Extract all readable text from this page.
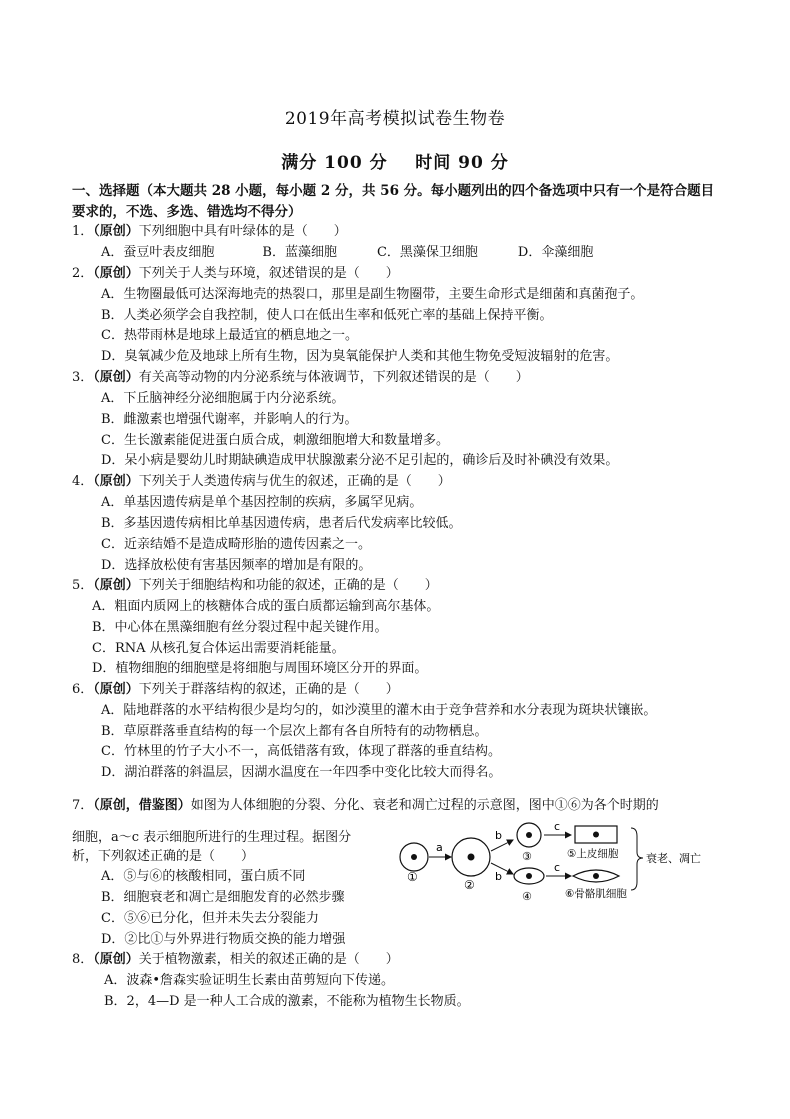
2019年高考模拟试卷生物卷
满分 100 分    时间 90 分
一、选择题（本大题共 28 小题，每小题 2 分，共 56 分。每小题列出的四个备选项中只有一个是符合题目要求的，不选、多选、错选均不得分）
1．（原创）下列细胞中具有叶绿体的是（　　）
A．蚕豆叶表皮细胞	B．蓝藻细胞	C．黑藻保卫细胞	D．伞藻细胞
2．（原创）下列关于人类与环境，叙述错误的是（　　）
A．生物圈最低可达深海地壳的热裂口，那里是副生物圈带，主要生命形式是细菌和真菌孢子。
B．人类必须学会自我控制，使人口在低出生率和低死亡率的基础上保持平衡。
C．热带雨林是地球上最适宜的栖息地之一。
D．臭氧减少危及地球上所有生物，因为臭氧能保护人类和其他生物免受短波辐射的危害。
3．（原创）有关高等动物的内分泌系统与体液调节，下列叙述错误的是（　　）
A．下丘脑神经分泌细胞属于内分泌系统。
B．雌激素也增强代谢率，并影响人的行为。
C．生长激素能促进蛋白质合成，刺激细胞增大和数量增多。
D．呆小病是婴幼儿时期缺碘造成甲状腺激素分泌不足引起的，确诊后及时补碘没有效果。
4．（原创）下列关于人类遗传病与优生的叙述，正确的是（　　）
A．单基因遗传病是单个基因控制的疾病，多属罕见病。
B．多基因遗传病相比单基因遗传病，患者后代发病率比较低。
C．近亲结婚不是造成畸形胎的遗传因素之一。
D．选择放松使有害基因频率的增加是有限的。
5．（原创）下列关于细胞结构和功能的叙述，正确的是（　　）
A．粗面内质网上的核糖体合成的蛋白质都运输到高尔基体。
B．中心体在黑藻细胞有丝分裂过程中起关键作用。
C．RNA 从核孔复合体运出需要消耗能量。
D．植物细胞的细胞壁是将细胞与周围环境区分开的界面。
6．（原创）下列关于群落结构的叙述，正确的是（　　）
A．陆地群落的水平结构很少是均匀的，如沙漠里的灌木由于竞争营养和水分表现为斑块状镶嵌。
B．草原群落垂直结构的每一个层次上都有各自所特有的动物栖息。
C．竹林里的竹子大小不一，高低错落有致，体现了群落的垂直结构。
D．湖泊群落的斜温层，因湖水温度在一年四季中变化比较大而得名。
7．（原创，借鉴图）如图为人体细胞的分裂、分化、衰老和凋亡过程的示意图，图中①⑥为各个时期的
细胞，a～c 表示细胞所进行的生理过程。据图分
析，下列叙述正确的是（　　）
A．⑤与⑥的核酸相同，蛋白质不同
B．细胞衰老和凋亡是细胞发育的必然步骤
C．⑤⑥已分化，但并未失去分裂能力
D．②比①与外界进行物质交换的能力增强
①
a
②
b
b
③
④
c
c
⑤上皮细胞
⑥骨骼肌细胞
衰老、凋亡
8．（原创）关于植物激素，相关的叙述正确的是（　　）
A．波森•詹森实验证明生长素由苗剪短向下传递。
B．2，4—D 是一种人工合成的激素，不能称为植物生长物质。
